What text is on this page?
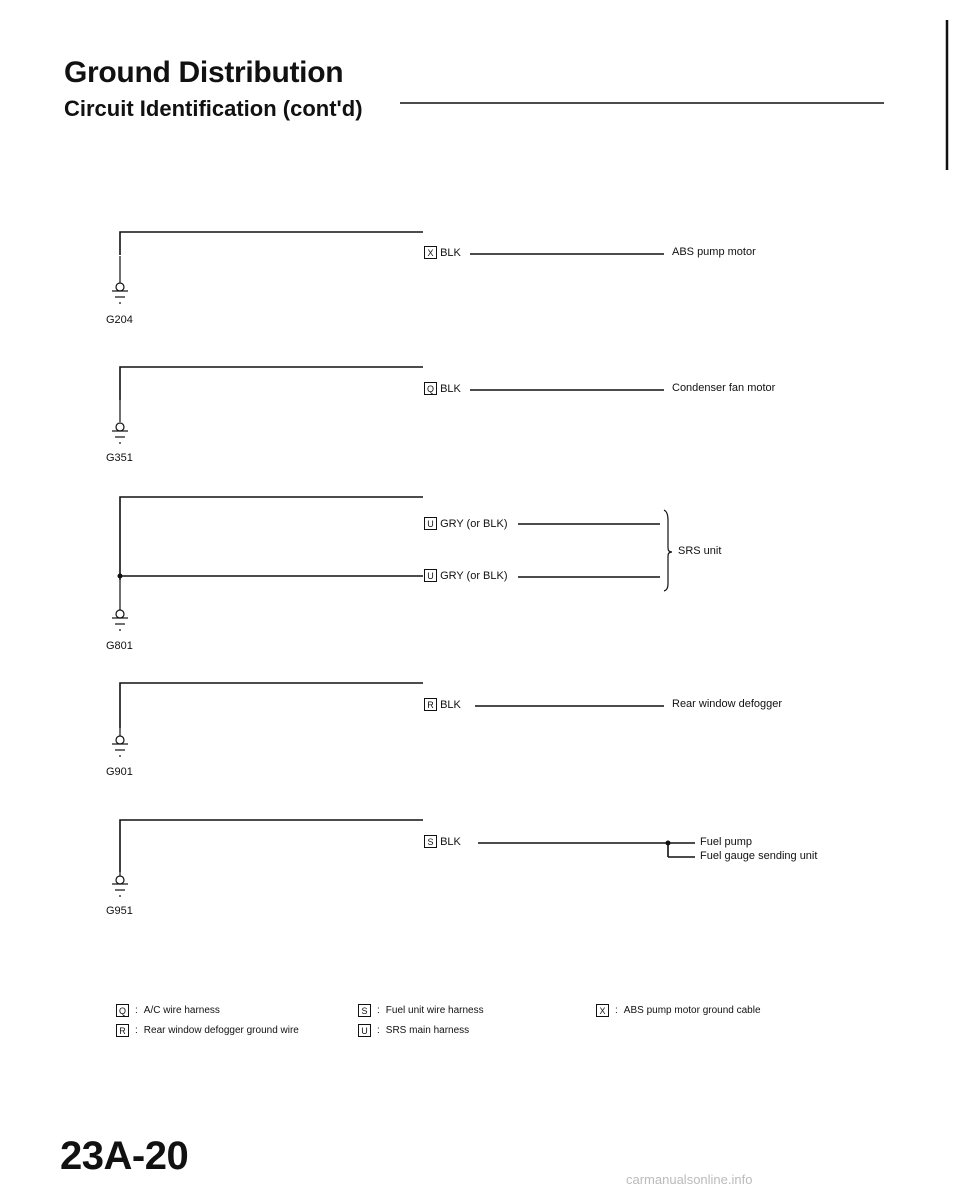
Ground Distribution
Circuit Identification (cont'd)
G204
X BLK	ABS pump motor
G351
Q BLK	Condenser fan motor
G801
U GRY (or BLK)
U GRY (or BLK)
SRS unit
G901
R BLK	Rear window defogger
G951
S BLK	Fuel pump
Fuel gauge sending unit
Q : A/C wire harness
R : Rear window defogger ground wire
S : Fuel unit wire harness
U : SRS main harness
X : ABS pump motor ground cable
23A-20
carmanualsonline.info
